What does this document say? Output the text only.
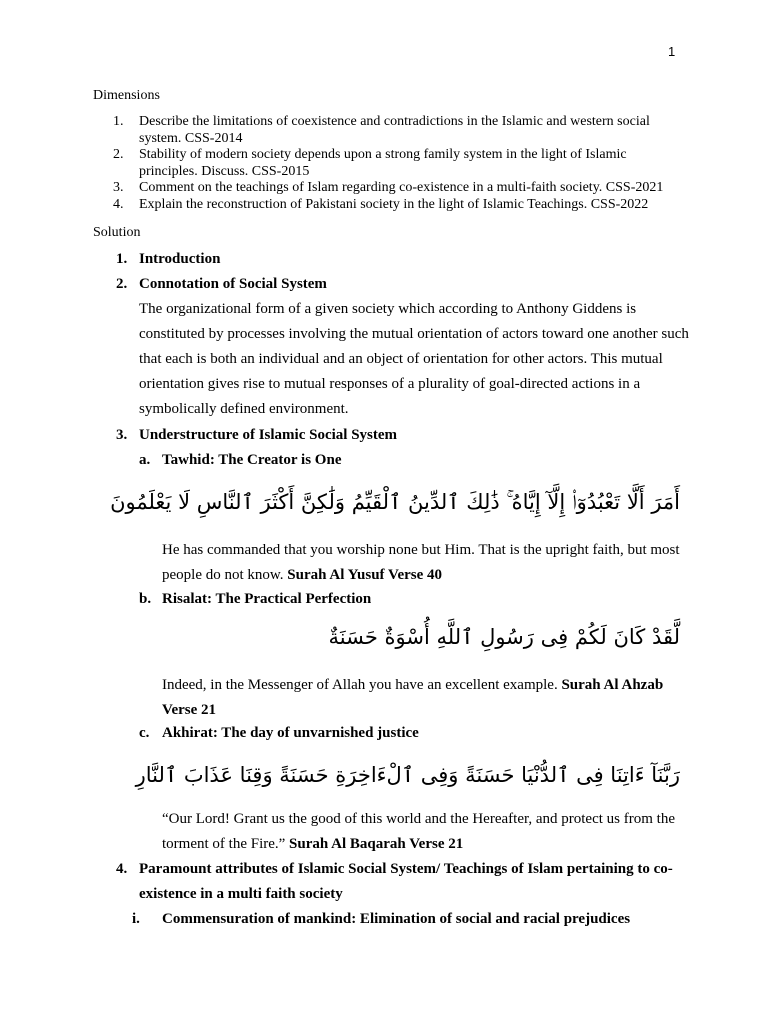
1
Dimensions
1.	Describe the limitations of coexistence and contradictions in the Islamic and western social system. CSS-2014
2.	Stability of modern society depends upon a strong family system in the light of Islamic principles. Discuss. CSS-2015
3.	Comment on the teachings of Islam regarding co-existence in a multi-faith society. CSS-2021
4.	Explain the reconstruction of Pakistani society in the light of Islamic Teachings. CSS-2022
Solution
1. Introduction
2. Connotation of Social System
The organizational form of a given society which according to Anthony Giddens is constituted by processes involving the mutual orientation of actors toward one another such that each is both an individual and an object of orientation for other actors. This mutual orientation gives rise to mutual responses of a plurality of goal-directed actions in a symbolically defined environment.
3. Understructure of Islamic Social System
a. Tawhid: The Creator is One
أَمَرَ أَلَّا تَعْبُدُوٓا۟ إِلَّآ إِيَّاهُ ۚ ذَٰلِكَ ٱلدِّينُ ٱلْقَيِّمُ وَلَٰكِنَّ أَكْثَرَ ٱلنَّاسِ لَا يَعْلَمُونَ
He has commanded that you worship none but Him. That is the upright faith, but most people do not know. Surah Al Yusuf Verse 40
b. Risalat: The Practical Perfection
لَّقَدْ كَانَ لَكُمْ فِى رَسُولِ ٱللَّهِ أُسْوَةٌ حَسَنَةٌ
Indeed, in the Messenger of Allah you have an excellent example. Surah Al Ahzab Verse 21
c. Akhirat: The day of unvarnished justice
رَبَّنَآ ءَاتِنَا فِى ٱلدُّنْيَا حَسَنَةً وَفِى ٱلْءَاخِرَةِ حَسَنَةً وَقِنَا عَذَابَ ٱلنَّارِ
“Our Lord! Grant us the good of this world and the Hereafter, and protect us from the torment of the Fire.” Surah Al Baqarah Verse 21
4. Paramount attributes of Islamic Social System/ Teachings of Islam pertaining to co-existence in a multi faith society
i. Commensuration of mankind: Elimination of social and racial prejudices
